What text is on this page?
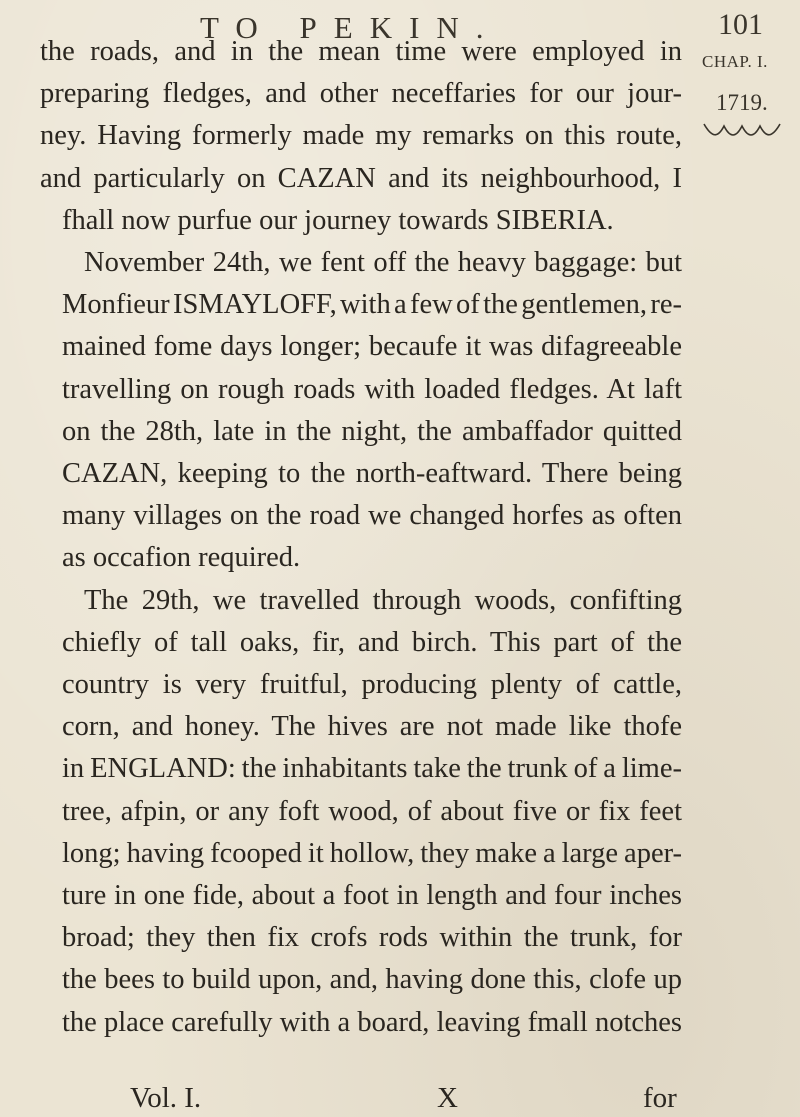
TO PEKIN.	101
CHAP. I.
1719.
the roads, and in the mean time were employed in
preparing fledges, and other neceffaries for our jour-
ney. Having formerly made my remarks on this route,
and particularly on CAZAN and its neighbourhood, I
fhall now purfue our journey towards SIBERIA.
November 24th, we fent off the heavy baggage: but
Monfieur ISMAYLOFF, with a few of the gentlemen, re-
mained fome days longer; becaufe it was difagreeable
travelling on rough roads with loaded fledges. At laft
on the 28th, late in the night, the ambaffador quitted
CAZAN, keeping to the north-eaftward. There being
many villages on the road we changed horfes as often
as occafion required.
The 29th, we travelled through woods, confifting
chiefly of tall oaks, fir, and birch. This part of the
country is very fruitful, producing plenty of cattle,
corn, and honey. The hives are not made like thofe
in ENGLAND: the inhabitants take the trunk of a lime-
tree, afpin, or any foft wood, of about five or fix feet
long; having fcooped it hollow, they make a large aper-
ture in one fide, about a foot in length and four inches
broad; they then fix crofs rods within the trunk, for
the bees to build upon, and, having done this, clofe up
the place carefully with a board, leaving fmall notches
Vol. I.	X	for
